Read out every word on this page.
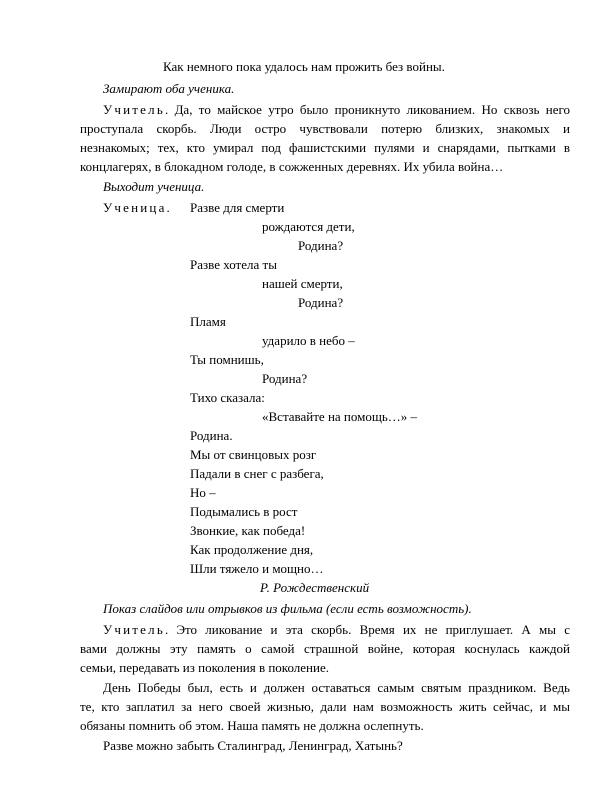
Как немного пока удалось нам прожить без войны.
Замирают оба ученика.
Учитель. Да, то майское утро было проникнуто ликованием. Но сквозь него
проступала скорбь. Люди остро чувствовали потерю близких, знакомых и
незнакомых; тех, кто умирал под фашистскими пулями и снарядами, пытками в
концлагерях, в блокадном голоде, в сожженных деревнях. Их убила война…
Выходит ученица.
Ученица. Разве для смерти
рождаются дети,
Родина?
Разве хотела ты
нашей смерти,
Родина?
Пламя
ударило в небо –
Ты помнишь,
Родина?
Тихо сказала:
«Вставайте на помощь…» –
Родина.
Мы от свинцовых розг
Падали в снег с разбега,
Но –
Подымались в рост
Звонкие, как победа!
Как продолжение дня,
Шли тяжело и мощно…
Р. Рождественский
Показ слайдов или отрывков из фильма (если есть возможность).
Учитель. Это ликование и эта скорбь. Время их не приглушает. А мы с
вами должны эту память о самой страшной войне, которая коснулась каждой
семьи, передавать из поколения в поколение.
День Победы был, есть и должен оставаться самым святым праздником. Ведь
те, кто заплатил за него своей жизнью, дали нам возможность жить сейчас, и мы
обязаны помнить об этом. Наша память не должна ослепнуть.
Разве можно забыть Сталинград, Ленинград, Хатынь?
